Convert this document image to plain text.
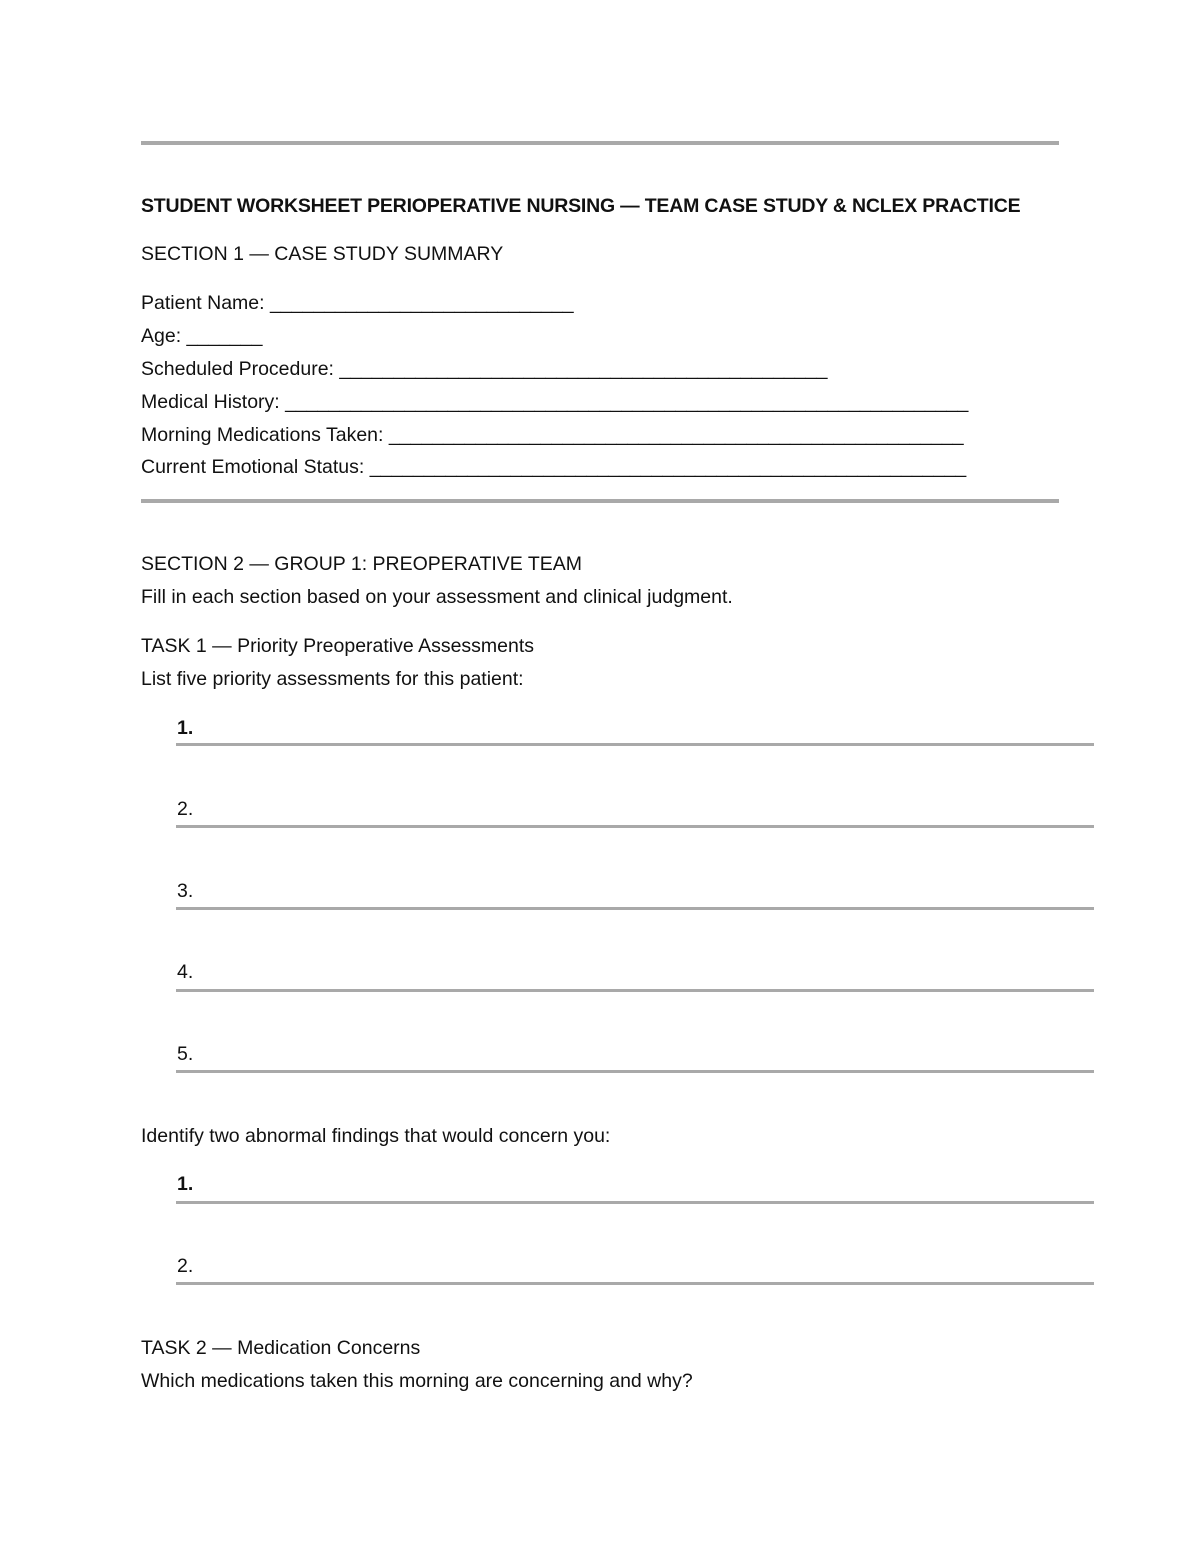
STUDENT WORKSHEET PERIOPERATIVE NURSING — TEAM CASE STUDY & NCLEX PRACTICE
SECTION 1 — CASE STUDY SUMMARY
Patient Name: ____________________________
Age: _______
Scheduled Procedure: _____________________________________________
Medical History: _______________________________________________________________
Morning Medications Taken: _____________________________________________________
Current Emotional Status: _______________________________________________________
SECTION 2 — GROUP 1: PREOPERATIVE TEAM
Fill in each section based on your assessment and clinical judgment.
TASK 1 — Priority Preoperative Assessments
List five priority assessments for this patient:
1.
2.
3.
4.
5.
Identify two abnormal findings that would concern you:
1.
2.
TASK 2 — Medication Concerns
Which medications taken this morning are concerning and why?
